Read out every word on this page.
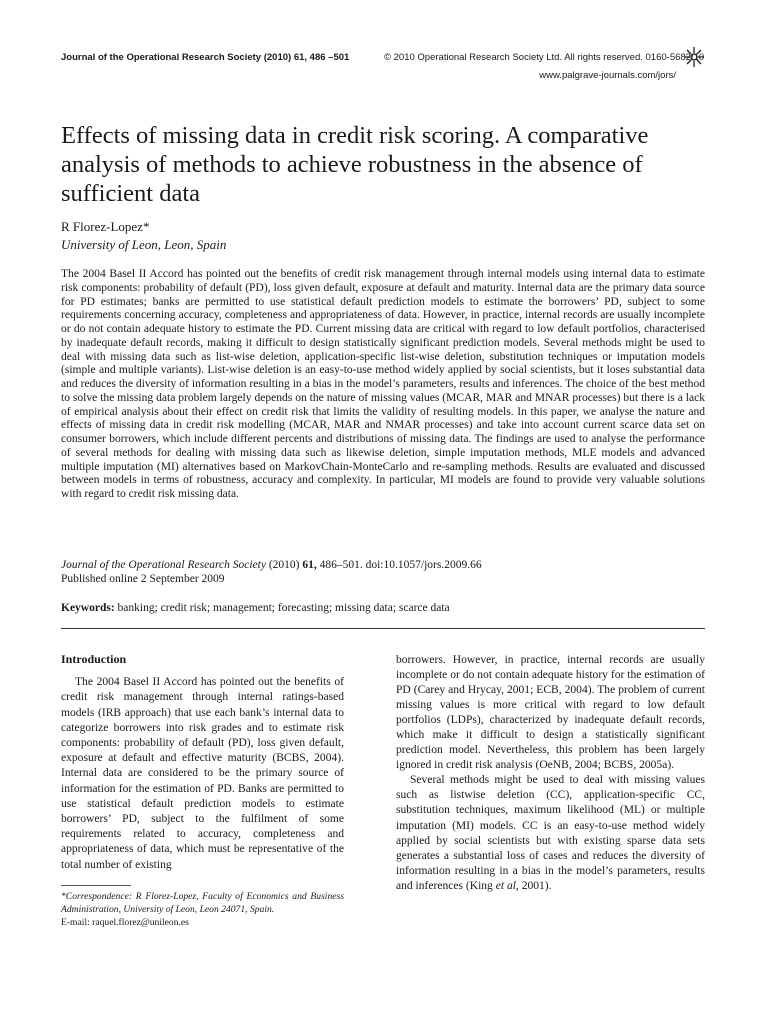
Journal of the Operational Research Society (2010) 61, 486 –501	© 2010 Operational Research Society Ltd. All rights reserved. 0160-5682/10
www.palgrave-journals.com/jors/
Effects of missing data in credit risk scoring. A comparative analysis of methods to achieve robustness in the absence of sufficient data
R Florez-Lopez*
University of Leon, Leon, Spain

The 2004 Basel II Accord has pointed out the benefits of credit risk management through internal models using internal data to estimate risk components: probability of default (PD), loss given default, exposure at default and maturity. Internal data are the primary data source for PD estimates; banks are permitted to use statistical default prediction models to estimate the borrowers’ PD, subject to some requirements concerning accuracy, completeness and appropriateness of data. However, in practice, internal records are usually incomplete or do not contain adequate history to estimate the PD. Current missing data are critical with regard to low default portfolios, characterised by inadequate default records, making it difficult to design statistically significant prediction models. Several methods might be used to deal with missing data such as list-wise deletion, application-specific list-wise deletion, substitution techniques or imputation models (simple and multiple variants). List-wise deletion is an easy-to-use method widely applied by social scientists, but it loses substantial data and reduces the diversity of information resulting in a bias in the model’s parameters, results and inferences. The choice of the best method to solve the missing data problem largely depends on the nature of missing values (MCAR, MAR and MNAR processes) but there is a lack of empirical analysis about their effect on credit risk that limits the validity of resulting models. In this paper, we analyse the nature and effects of missing data in credit risk modelling (MCAR, MAR and NMAR processes) and take into account current scarce data set on consumer borrowers, which include different percents and distributions of missing data. The findings are used to analyse the performance of several methods for dealing with missing data such as likewise deletion, simple imputation methods, MLE models and advanced multiple imputation (MI) alternatives based on MarkovChain-MonteCarlo and re-sampling methods. Results are evaluated and discussed between models in terms of robustness, accuracy and complexity. In particular, MI models are found to provide very valuable solutions with regard to credit risk missing data.

Journal of the Operational Research Society (2010) 61, 486–501. doi:10.1057/jors.2009.66
Published online 2 September 2009
Keywords: banking; credit risk; management; forecasting; missing data; scarce data

Introduction

The 2004 Basel II Accord has pointed out the benefits of credit risk management through internal ratings-based models (IRB approach) that use each bank’s internal data to categorize borrowers into risk grades and to estimate risk components: probability of default (PD), loss given default, exposure at default and effective maturity (BCBS, 2004). Internal data are considered to be the primary source of information for the estimation of PD. Banks are permitted to use statistical default prediction models to estimate borrowers’ PD, subject to the fulfilment of some requirements related to accuracy, completeness and appropriateness of data, which must be representative of the total number of existing

borrowers. However, in practice, internal records are usually incomplete or do not contain adequate history for the estimation of PD (Carey and Hrycay, 2001; ECB, 2004). The problem of current missing values is more critical with regard to low default portfolios (LDPs), characterized by inadequate default records, which make it difficult to design a statistically significant prediction model. Nevertheless, this problem has been largely ignored in credit risk analysis (OeNB, 2004; BCBS, 2005a).

Several methods might be used to deal with missing values such as listwise deletion (CC), application-specific CC, substitution techniques, maximum likelihood (ML) or multiple imputation (MI) models. CC is an easy-to-use method widely applied by social scientists but with existing sparse data sets generates a substantial loss of cases and reduces the diversity of information resulting in a bias in the model’s parameters, results and inferences (King et al, 2001).

*Correspondence: R Florez-Lopez, Faculty of Economics and Business Administration, University of Leon, Leon 24071, Spain.
E-mail: raquel.florez@unileon.es
